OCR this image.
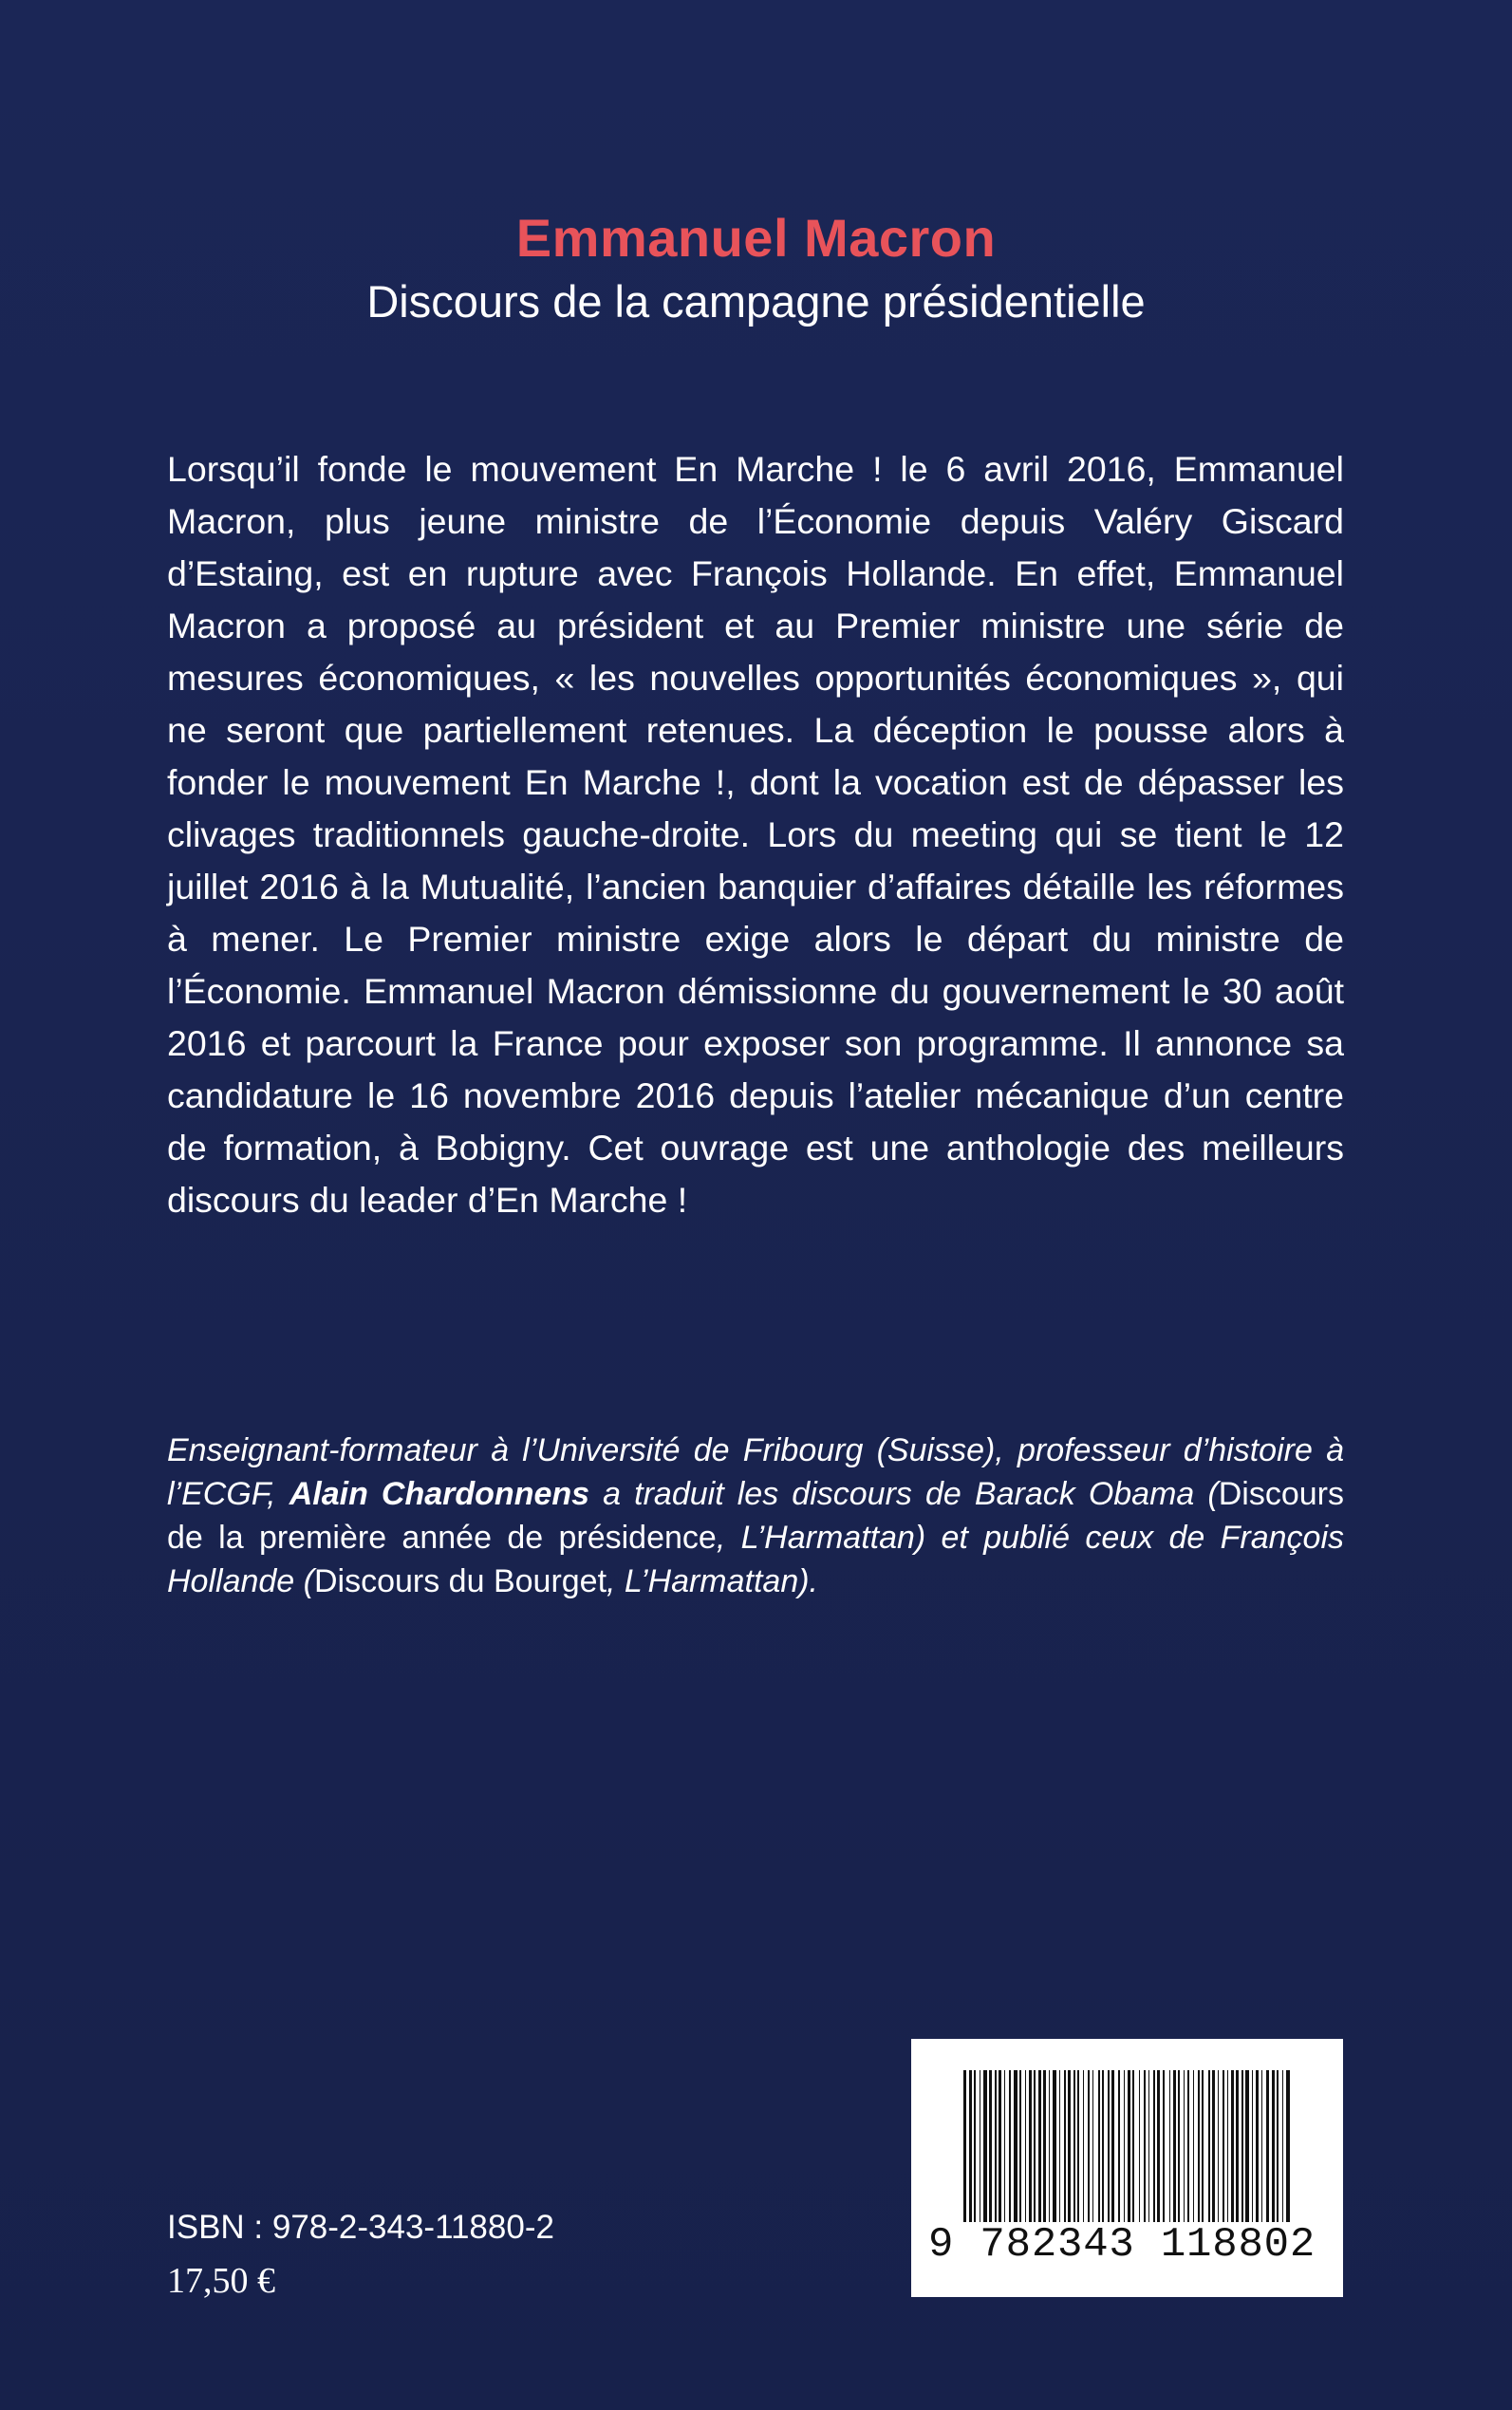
Emmanuel Macron
Discours de la campagne présidentielle
Lorsqu’il fonde le mouvement En Marche ! le 6 avril 2016, Emmanuel Macron, plus jeune ministre de l’Économie depuis Valéry Giscard d’Estaing, est en rupture avec François Hollande. En effet, Emmanuel Macron a proposé au président et au Premier ministre une série de mesures économiques, « les nouvelles opportunités économiques », qui ne seront que partiellement retenues. La déception le pousse alors à fonder le mouvement En Marche !, dont la vocation est de dépasser les clivages traditionnels gauche-droite. Lors du meeting qui se tient le 12 juillet 2016 à la Mutualité, l’ancien banquier d’affaires détaille les réformes à mener. Le Premier ministre exige alors le départ du ministre de l’Économie. Emmanuel Macron démissionne du gouvernement le 30 août 2016 et parcourt la France pour exposer son programme. Il annonce sa candidature le 16 novembre 2016 depuis l’atelier mécanique d’un centre de formation, à Bobigny. Cet ouvrage est une anthologie des meilleurs discours du leader d’En Marche !
Enseignant-formateur à l’Université de Fribourg (Suisse), professeur d’histoire à l’ECGF, Alain Chardonnens a traduit les discours de Barack Obama (Discours de la première année de présidence, L’Harmattan) et publié ceux de François Hollande (Discours du Bourget, L’Harmattan).
ISBN : 978-2-343-11880-2
17,50 €
9 782343 118802
